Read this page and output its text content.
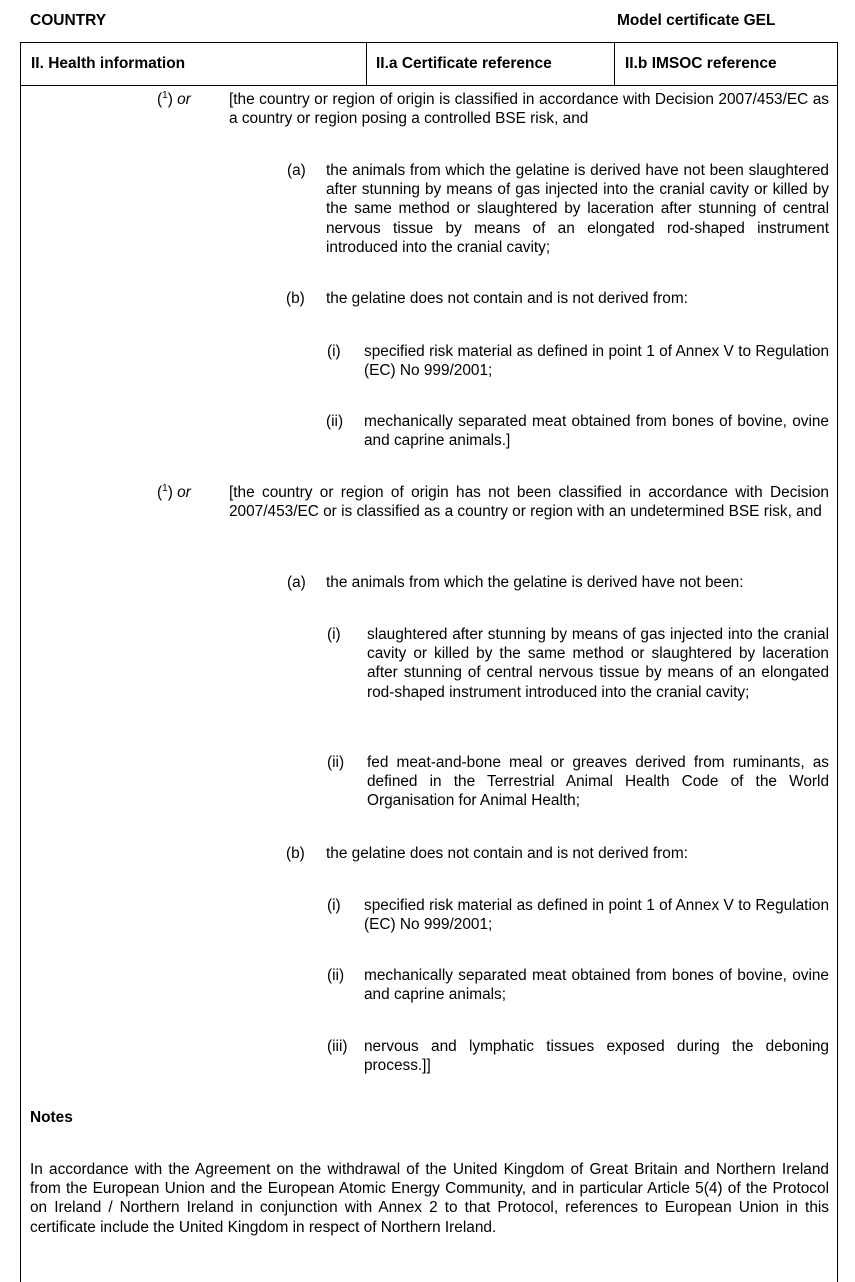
COUNTRY	Model certificate GEL
II. Health information	II.a Certificate reference	II.b IMSOC reference
($^1$) or [the country or region of origin is classified in accordance with Decision 2007/453/EC as a country or region posing a controlled BSE risk, and
(a) the animals from which the gelatine is derived have not been slaughtered after stunning by means of gas injected into the cranial cavity or killed by the same method or slaughtered by laceration after stunning of central nervous tissue by means of an elongated rod-shaped instrument introduced into the cranial cavity;
(b) the gelatine does not contain and is not derived from:
(i) specified risk material as defined in point 1 of Annex V to Regulation (EC) No 999/2001;
(ii) mechanically separated meat obtained from bones of bovine, ovine and caprine animals.]
($^1$) or [the country or region of origin has not been classified in accordance with Decision 2007/453/EC or is classified as a country or region with an undetermined BSE risk, and
(a) the animals from which the gelatine is derived have not been:
(i) slaughtered after stunning by means of gas injected into the cranial cavity or killed by the same method or slaughtered by laceration after stunning of central nervous tissue by means of an elongated rod-shaped instrument introduced into the cranial cavity;
(ii) fed meat-and-bone meal or greaves derived from ruminants, as defined in the Terrestrial Animal Health Code of the World Organisation for Animal Health;
(b) the gelatine does not contain and is not derived from:
(i) specified risk material as defined in point 1 of Annex V to Regulation (EC) No 999/2001;
(ii) mechanically separated meat obtained from bones of bovine, ovine and caprine animals;
(iii) nervous and lymphatic tissues exposed during the deboning process.]]
Notes
In accordance with the Agreement on the withdrawal of the United Kingdom of Great Britain and Northern Ireland from the European Union and the European Atomic Energy Community, and in particular Article 5(4) of the Protocol on Ireland / Northern Ireland in conjunction with Annex 2 to that Protocol, references to European Union in this certificate include the United Kingdom in respect of Northern Ireland.
